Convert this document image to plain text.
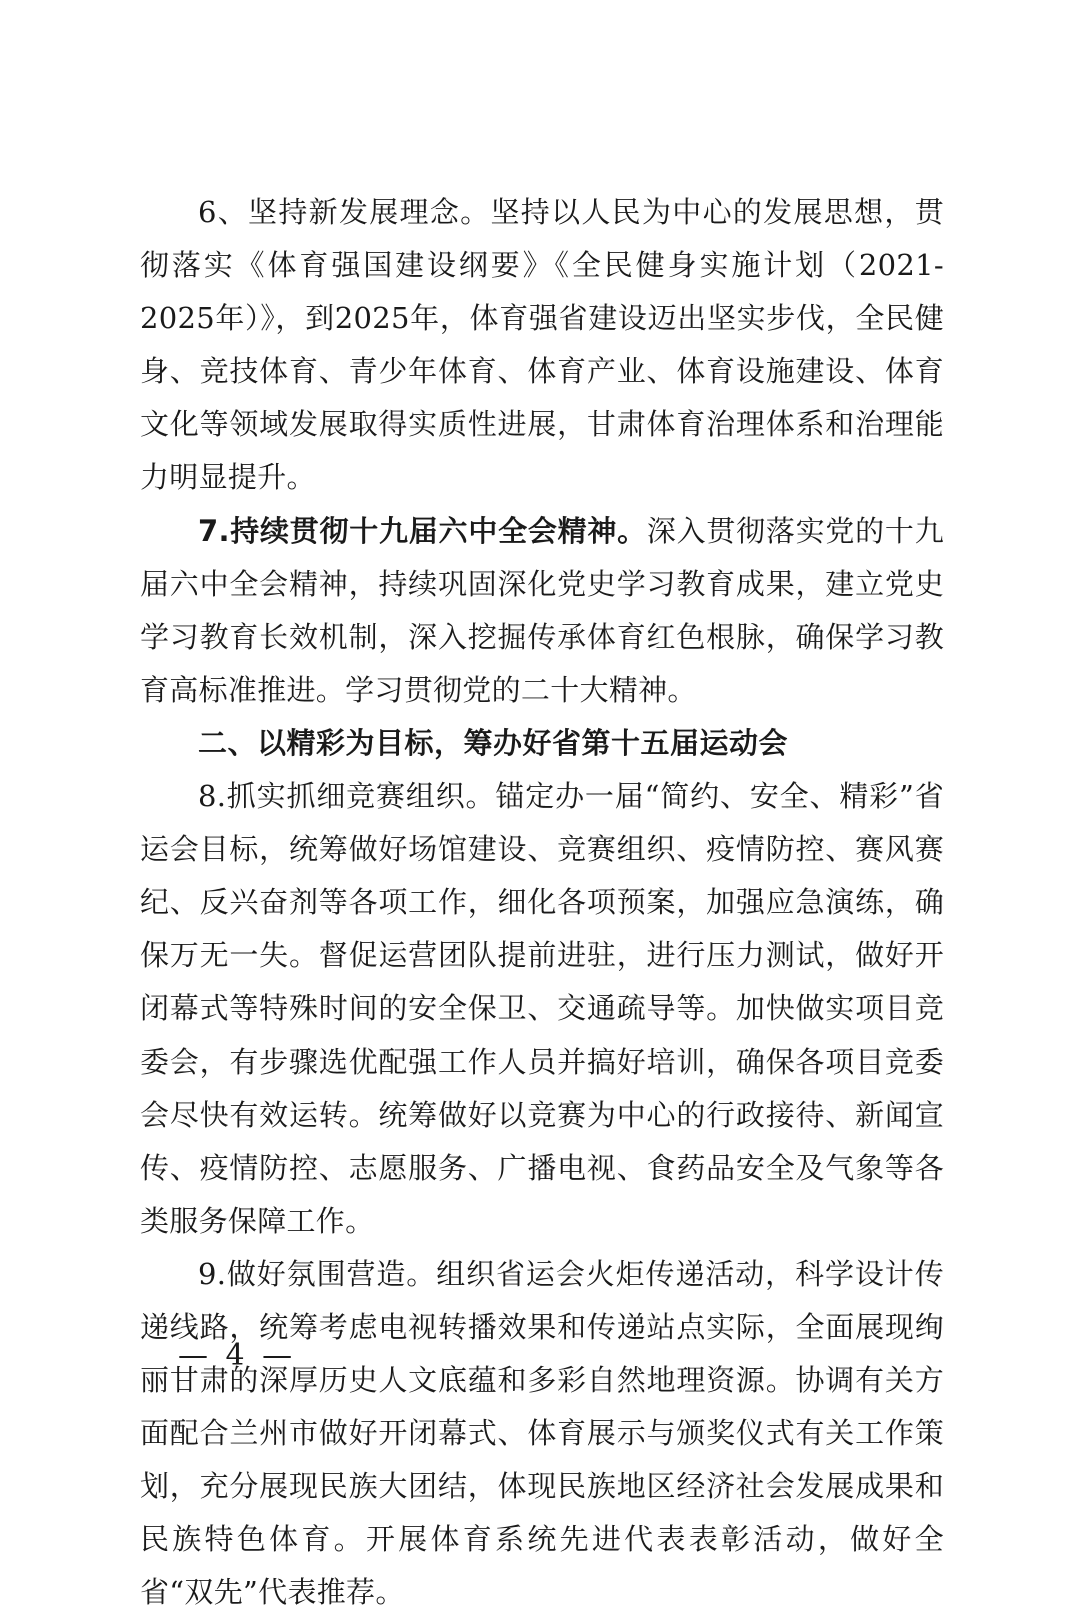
6、坚持新发展理念。坚持以人民为中心的发展思想，贯彻落实《体育强国建设纲要》《全民健身实施计划（2021-2025年）》，到2025年，体育强省建设迈出坚实步伐，全民健身、竞技体育、青少年体育、体育产业、体育设施建设、体育文化等领域发展取得实质性进展，甘肃体育治理体系和治理能力明显提升。

7.持续贯彻十九届六中全会精神。深入贯彻落实党的十九届六中全会精神，持续巩固深化党史学习教育成果，建立党史学习教育长效机制，深入挖掘传承体育红色根脉，确保学习教育高标准推进。学习贯彻党的二十大精神。

二、以精彩为目标，筹办好省第十五届运动会

8.抓实抓细竞赛组织。锚定办一届“简约、安全、精彩”省运会目标，统筹做好场馆建设、竞赛组织、疫情防控、赛风赛纪、反兴奋剂等各项工作，细化各项预案，加强应急演练，确保万无一失。督促运营团队提前进驻，进行压力测试，做好开闭幕式等特殊时间的安全保卫、交通疏导等。加快做实项目竞委会，有步骤选优配强工作人员并搞好培训，确保各项目竞委会尽快有效运转。统筹做好以竞赛为中心的行政接待、新闻宣传、疫情防控、志愿服务、广播电视、食药品安全及气象等各类服务保障工作。

9.做好氛围营造。组织省运会火炬传递活动，科学设计传递线路，统筹考虑电视转播效果和传递站点实际，全面展现绚丽甘肃的深厚历史人文底蕴和多彩自然地理资源。协调有关方面配合兰州市做好开闭幕式、体育展示与颁奖仪式有关工作策划，充分展现民族大团结，体现民族地区经济社会发展成果和民族特色体育。开展体育系统先进代表表彰活动，做好全省“双先”代表推荐。

— 4 —
